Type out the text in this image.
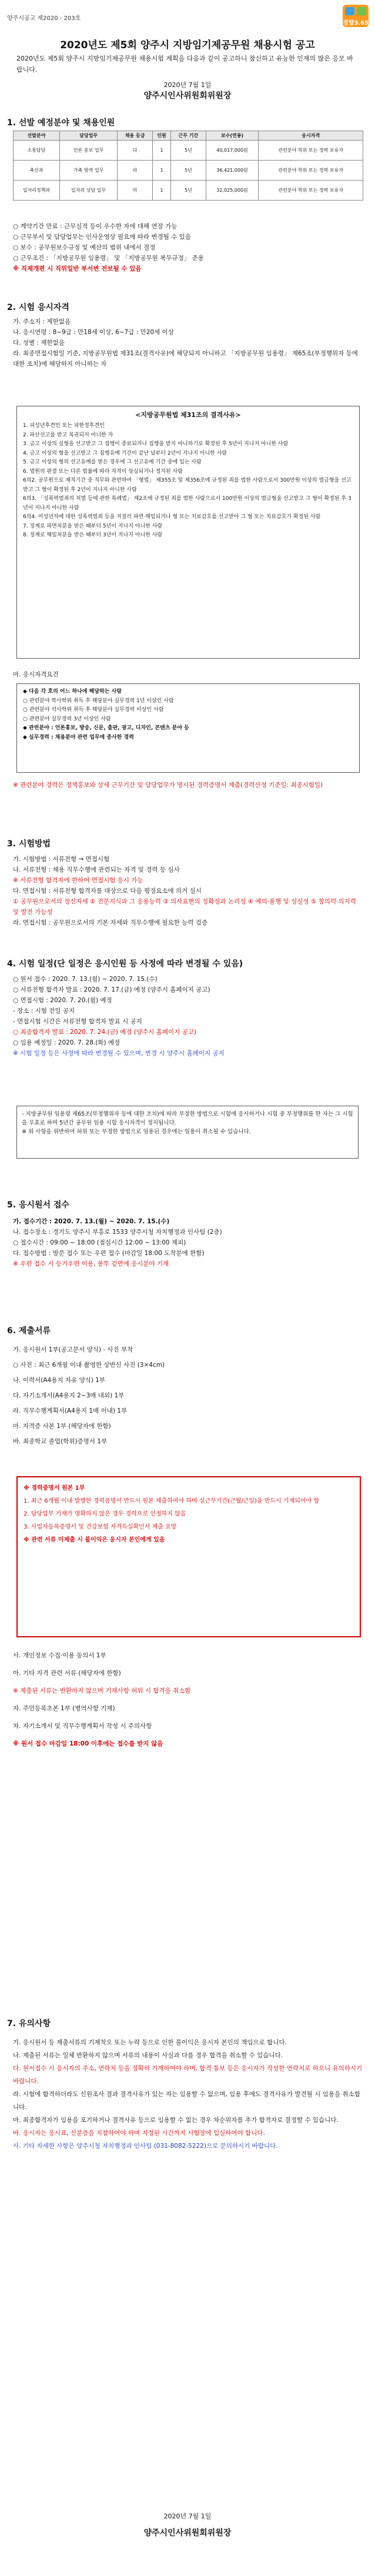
양주시공고 제2020 - 203호
경향3.65
2020년도 제5회 양주시 지방임기제공무원 채용시험 공고
2020년도 제5회 양주시 지방임기제공무원 채용시험 계획을 다음과 같이 공고하니 참신하고 유능한 인재의 많은 응모 바랍니다.
2020년 7월 1일
양주시인사위원회위원장
1. 선발 예정분야 및 채용인원
선발분야	담당업무	채용 등급	인원	근무 기간	보수(연봉)	응시자격
소통담당	언론 홍보 업무	다	1	5년	40,017,000원	관련분야 학위 또는 경력 보유자
축산과	가축 방역 업무	라	1	5년	36,421,000원	관련분야 학위 또는 경력 보유자
일자리정책과	일자리 상담 업무	마	1	5년	32,025,000원	관련분야 학위 또는 경력 보유자

○ 계약기간 만료 : 근무실적 등이 우수한 자에 대해 연장 가능

○ 근무부서 및 담당업무는 인사운영상 필요에 따라 변경될 수 있음

○ 보수 : 공무원보수규정 및 예산의 범위 내에서 결정

○ 근무조건 : 「지방공무원 임용령」 및 「지방공무원 복무규정」 준용

※ 직제개편 시 직위일반 부서변 전보될 수 있음

2. 시험 응시자격

가. 주소지 : 제한없음

나. 응시연령 : 8~9급 : 만18세 이상, 6~7급 : 만20세 이상

다. 성별 : 제한없음

라. 최종면접시험일 기준, 지방공무원법 제31조(결격사유)에 해당되지 아니하고 「지방공무원 임용령」 제65조(부정행위자 등에 대한 조치)에 해당하지 아니하는 자

<지방공무원법 제31조의 결격사유>
1. 피성년후견인 또는 피한정후견인
2. 파산선고를 받고 복권되지 아니한 자
3. 금고 이상의 실형을 선고받고 그 집행이 종료되거나 집행을 받지 아니하기로 확정된 후 5년이 지나지 아니한 사람
4. 금고 이상의 형을 선고받고 그 집행유예 기간이 끝난 날부터 2년이 지나지 아니한 사람
5. 금고 이상의 형의 선고유예를 받은 경우에 그 선고유예 기간 중에 있는 사람
6. 법원의 판결 또는 다른 법률에 따라 자격이 상실되거나 정지된 사람
6의2. 공무원으로 재직기간 중 직무와 관련하여 「형법」 제355조 및 제356조에 규정된 죄를 범한 사람으로서 300만원 이상의 벌금형을 선고받고 그 형이 확정된 후 2년이 지나지 아니한 사람
6의3. 「성폭력범죄의 처벌 등에 관한 특례법」 제2조에 규정된 죄를 범한 사람으로서 100만원 이상의 벌금형을 선고받고 그 형이 확정된 후 3년이 지나지 아니한 사람
6의4. 미성년자에 대한 성폭력범죄 등을 저질러 파면·해임되거나 형 또는 치료감호를 선고받아 그 형 또는 치료감호가 확정된 사람
7. 징계로 파면처분을 받은 때부터 5년이 지나지 아니한 사람
8. 징계로 해임처분을 받은 때부터 3년이 지나지 아니한 사람
마. 응시자격요건
◆ 다음 각 호의 어느 하나에 해당하는 사람
○ 관련분야 학사학위 취득 후 해당분야 실무경력 1년 이상인 사람
○ 관련분야 석사학위 취득 후 해당분야 실무경력 이상인 사람
○ 관련분야 실무경력 3년 이상인 사람
◆ 관련분야 : 언론홍보, 방송, 신문, 출판, 광고, 디자인, 콘텐츠 분야 등
◆ 실무경력 : 채용분야 관련 업무에 종사한 경력

※ 관련분야 경력은 정책홍보와 상세 근무기간 및 담당업무가 명시된 경력증명서 제출(경력산정 기준일: 최종시험일)

3. 시험방법

가. 시험방법 : 서류전형 → 면접시험

나. 서류전형 : 채용 직무수행에 관련되는 자격 및 경력 등 심사

※ 서류전형 합격자에 한하여 면접시험 응시 가능

다. 면접시험 : 서류전형 합격자를 대상으로 다음 평정요소에 의거 실시

① 공무원으로서의 정신자세 ② 전문지식과 그 응용능력 ③ 의사표현의 정확성과 논리성 ④ 예의·품행 및 성실성 ⑤ 창의력·의지력 및 발전 가능성

라. 면접시험 : 공무원으로서의 기본 자세와 직무수행에 필요한 능력 검증

4. 시험 일정(단 일정은 응시인원 등 사정에 따라 변경될 수 있음)

○ 원서 접수 : 2020. 7. 13.(월) ~ 2020. 7. 15.(수)

○ 서류전형 합격자 발표 : 2020. 7. 17.(금) 예정 (양주시 홈페이지 공고)

○ 면접시험 : 2020. 7. 20.(월) 예정

- 장소 : 시험 전일 공지

- 면접시험 시간은 서류전형 합격자 발표 시 공지

○ 최종합격자 발표 : 2020. 7. 24.(금) 예정 (양주시 홈페이지 공고)

○ 임용 예정일 : 2020. 7. 28.(화) 예정

※ 시험 일정 등은 사정에 따라 변경될 수 있으며, 변경 시 양주시 홈페이지 공지

- 지방공무원 임용령 제65조(부정행위자 등에 대한 조치)에 따라 부정한 방법으로 시험에 응시하거나 시험 중 부정행위를 한 자는 그 시험을 무효로 하며 5년간 공무원 임용 시험 응시자격이 정지됩니다.
※ 위 사항을 위반하여 허위 또는 부정한 방법으로 임용된 경우에는 임용이 취소될 수 있습니다.
5. 응시원서 접수

가. 접수기간 : 2020. 7. 13.(월) ~ 2020. 7. 15.(수)

나. 접수장소 : 경기도 양주시 부흥로 1533 양주시청 자치행정과 인사팀 (2층)

○ 접수시간 : 09:00 ~ 18:00 (점심시간 12:00 ~ 13:00 제외)

다. 접수방법 : 방문 접수 또는 우편 접수 (마감일 18:00 도착분에 한함)

※ 우편 접수 시 등기우편 이용, 봉투 겉면에 응시분야 기재

6. 제출서류

가. 응시원서 1부(공고문서 양식) - 사진 부착

○ 사진 : 최근 6개월 이내 촬영한 상반신 사진 (3×4cm)

나. 이력서(A4용지 자유 양식) 1부

다. 자기소개서(A4용지 2~3매 내외) 1부

라. 직무수행계획서(A4용지 1매 이내) 1부

마. 자격증 사본 1부 (해당자에 한함)

바. 최종학교 졸업(학위)증명서 1부

※ 경력증명서 원본 1부
1. 최근 6개월 이내 발행한 경력증명서 반드시 원본 제출하여야 하며 실근무기간(근월/근일)을 반드시 기재되어야 함
2. 담당업무 기재가 명확하지 않은 경우 경력으로 인정하지 않음
3. 사업자등록증명서 및 건강보험 자격득실확인서 제출 요망
※ 관련 서류 미제출 시 불이익은 응시자 본인에게 있음

사. 개인정보 수집·이용 동의서 1부

아. 기타 자격 관련 서류 (해당자에 한함)

※ 제출된 서류는 반환하지 않으며 기재사항 허위 시 합격을 취소함

자. 주민등록초본 1부 (병역사항 기재)

차. 자기소개서 및 직무수행계획서 작성 시 주의사항

※ 원서 접수 마감일 18:00 이후에는 접수를 받지 않음

7. 유의사항

가. 응시원서 등 제출서류의 기재착오 또는 누락 등으로 인한 불이익은 응시자 본인의 책임으로 합니다.

나. 제출된 서류는 일체 반환하지 않으며 서류의 내용이 사실과 다를 경우 합격을 취소할 수 있습니다.

다. 원서접수 시 응시자의 주소, 연락처 등을 정확히 기재하여야 하며, 합격 통보 등은 응시자가 작성한 연락처로 하오니 유의하시기 바랍니다.

라. 시험에 합격하더라도 신원조사 결과 결격사유가 있는 자는 임용할 수 없으며, 임용 후에도 결격사유가 발견될 시 임용을 취소합니다.

마. 최종합격자가 임용을 포기하거나 결격사유 등으로 임용할 수 없는 경우 차순위자를 추가 합격자로 결정할 수 있습니다.

바. 응시자는 응시표, 신분증을 지참하여야 하며 지정된 시간까지 시험장에 입실하여야 합니다.

사. 기타 자세한 사항은 양주시청 자치행정과 인사팀 (031-8082-5222)으로 문의하시기 바랍니다.

2020년 7월 1일
양주시인사위원회위원장
